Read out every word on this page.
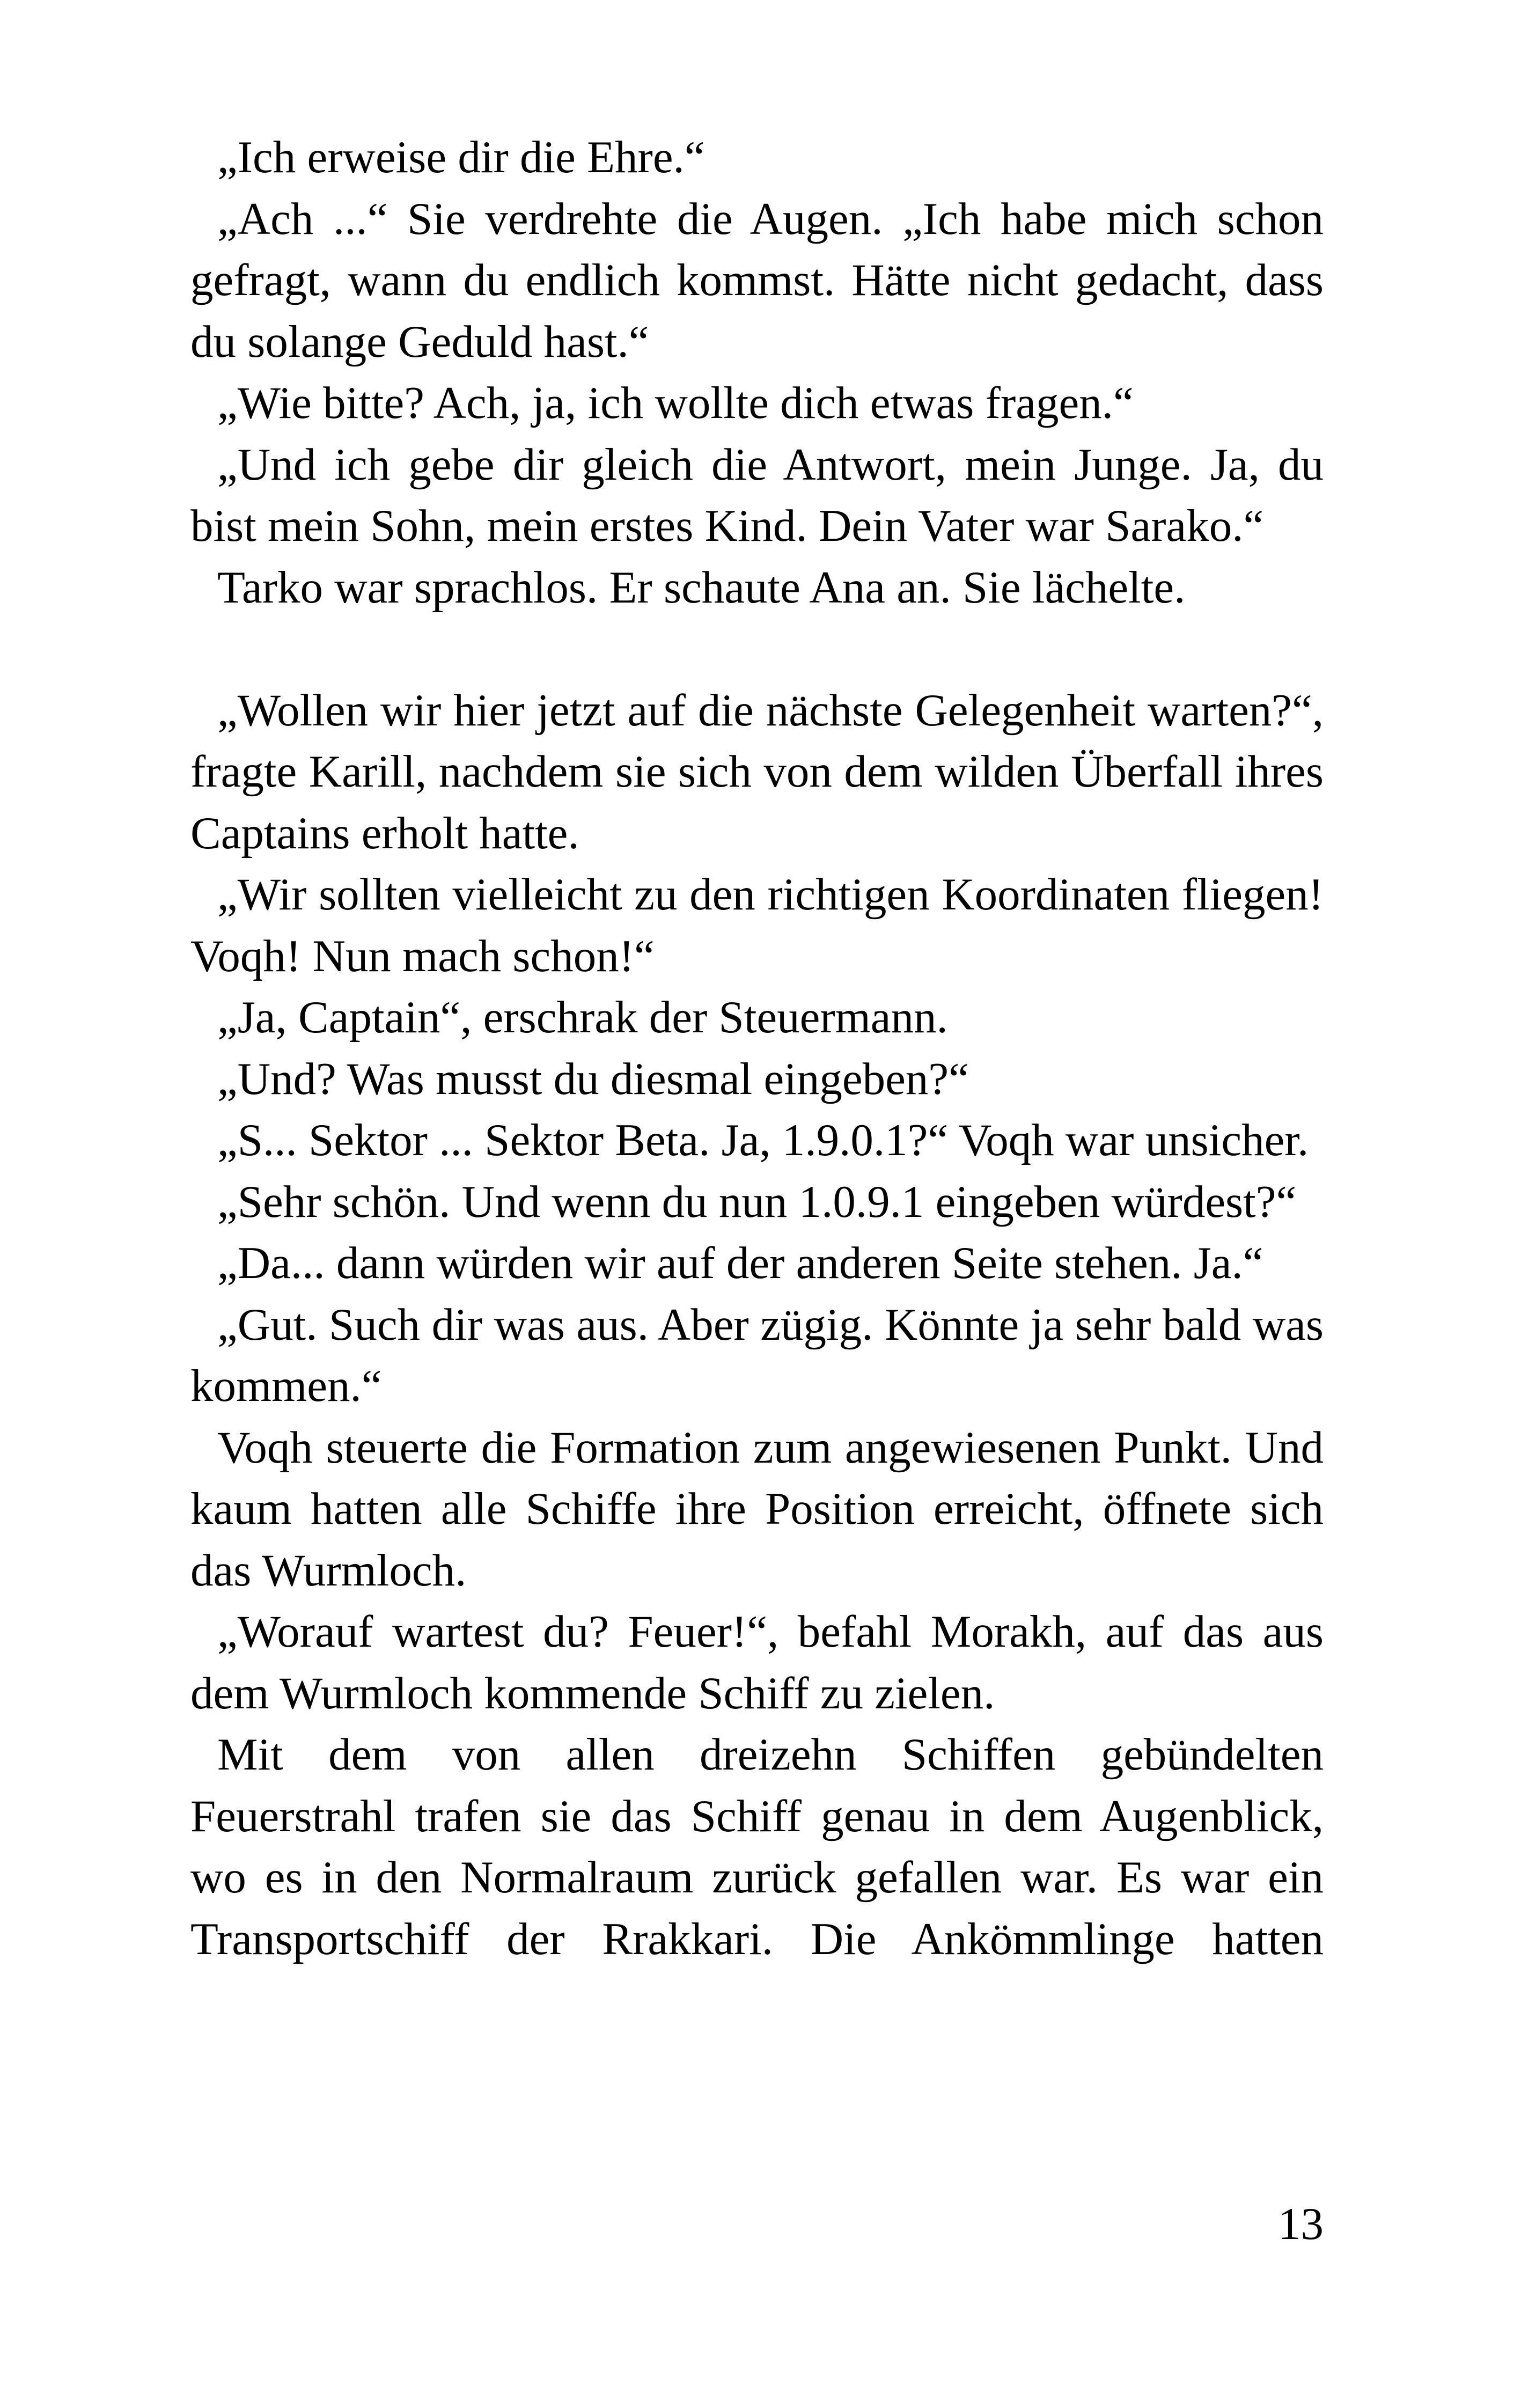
„Ich erweise dir die Ehre.“

„Ach ...“ Sie verdrehte die Augen. „Ich habe mich schon gefragt, wann du endlich kommst. Hätte nicht gedacht, dass du solange Geduld hast.“

„Wie bitte? Ach, ja, ich wollte dich etwas fragen.“

„Und ich gebe dir gleich die Antwort, mein Junge. Ja, du bist mein Sohn, mein erstes Kind. Dein Vater war Sarako.“

Tarko war sprachlos. Er schaute Ana an. Sie lächelte.

„Wollen wir hier jetzt auf die nächste Gelegenheit warten?“, fragte Karill, nachdem sie sich von dem wilden Überfall ihres Captains erholt hatte.

„Wir sollten vielleicht zu den richtigen Koordinaten fliegen! Voqh! Nun mach schon!“

„Ja, Captain“, erschrak der Steuermann.

„Und? Was musst du diesmal eingeben?“

„S... Sektor ... Sektor Beta. Ja, 1.9.0.1?“ Voqh war unsicher.

„Sehr schön. Und wenn du nun 1.0.9.1 eingeben würdest?“

„Da... dann würden wir auf der anderen Seite stehen. Ja.“

„Gut. Such dir was aus. Aber zügig. Könnte ja sehr bald was kommen.“

Voqh steuerte die Formation zum angewiesenen Punkt. Und kaum hatten alle Schiffe ihre Position erreicht, öffnete sich das Wurmloch.

„Worauf wartest du? Feuer!“, befahl Morakh, auf das aus dem Wurmloch kommende Schiff zu zielen.

Mit dem von allen dreizehn Schiffen gebündelten Feuerstrahl trafen sie das Schiff genau in dem Augenblick, wo es in den Normalraum zurück gefallen war. Es war ein Transportschiff der Rrakkari. Die Ankömmlinge hatten

13
